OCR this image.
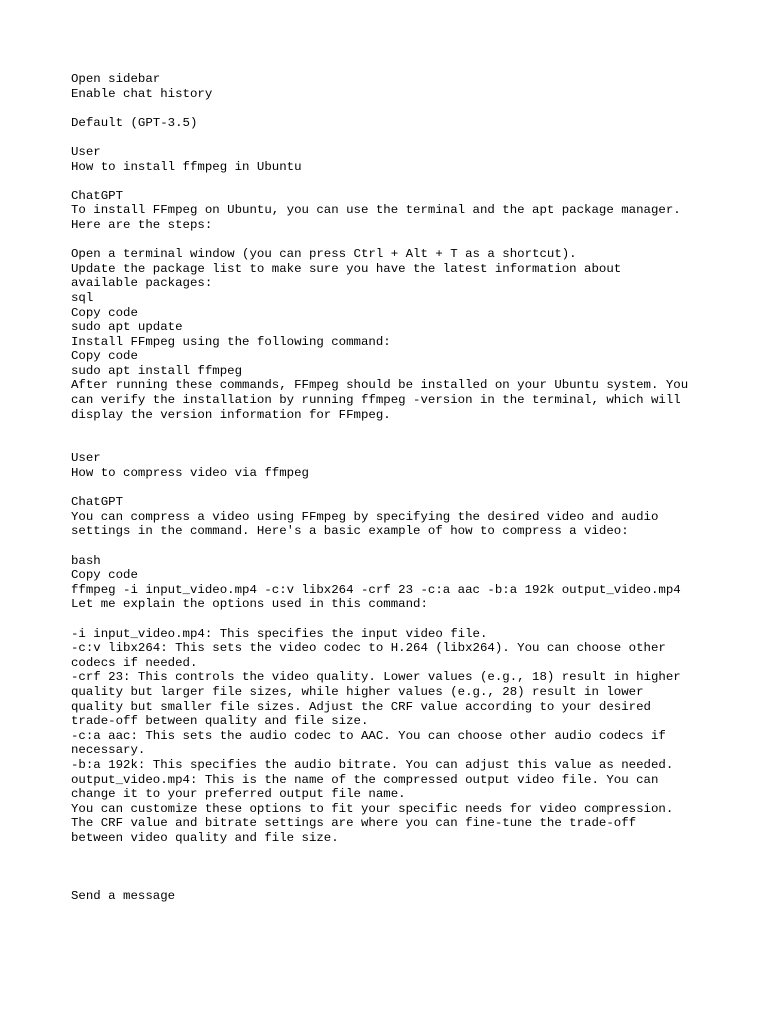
Open sidebar
Enable chat history
Default (GPT-3.5)
User
How to install ffmpeg in Ubuntu
ChatGPT
To install FFmpeg on Ubuntu, you can use the terminal and the apt package manager.
Here are the steps:
Open a terminal window (you can press Ctrl + Alt + T as a shortcut).
Update the package list to make sure you have the latest information about
available packages:
sql
Copy code
sudo apt update
Install FFmpeg using the following command:
Copy code
sudo apt install ffmpeg
After running these commands, FFmpeg should be installed on your Ubuntu system. You
can verify the installation by running ffmpeg -version in the terminal, which will
display the version information for FFmpeg.
User
How to compress video via ffmpeg
ChatGPT
You can compress a video using FFmpeg by specifying the desired video and audio
settings in the command. Here's a basic example of how to compress a video:
bash
Copy code
ffmpeg -i input_video.mp4 -c:v libx264 -crf 23 -c:a aac -b:a 192k output_video.mp4
Let me explain the options used in this command:
-i input_video.mp4: This specifies the input video file.
-c:v libx264: This sets the video codec to H.264 (libx264). You can choose other
codecs if needed.
-crf 23: This controls the video quality. Lower values (e.g., 18) result in higher
quality but larger file sizes, while higher values (e.g., 28) result in lower
quality but smaller file sizes. Adjust the CRF value according to your desired
trade-off between quality and file size.
-c:a aac: This sets the audio codec to AAC. You can choose other audio codecs if
necessary.
-b:a 192k: This specifies the audio bitrate. You can adjust this value as needed.
output_video.mp4: This is the name of the compressed output video file. You can
change it to your preferred output file name.
You can customize these options to fit your specific needs for video compression.
The CRF value and bitrate settings are where you can fine-tune the trade-off
between video quality and file size.
Send a message
